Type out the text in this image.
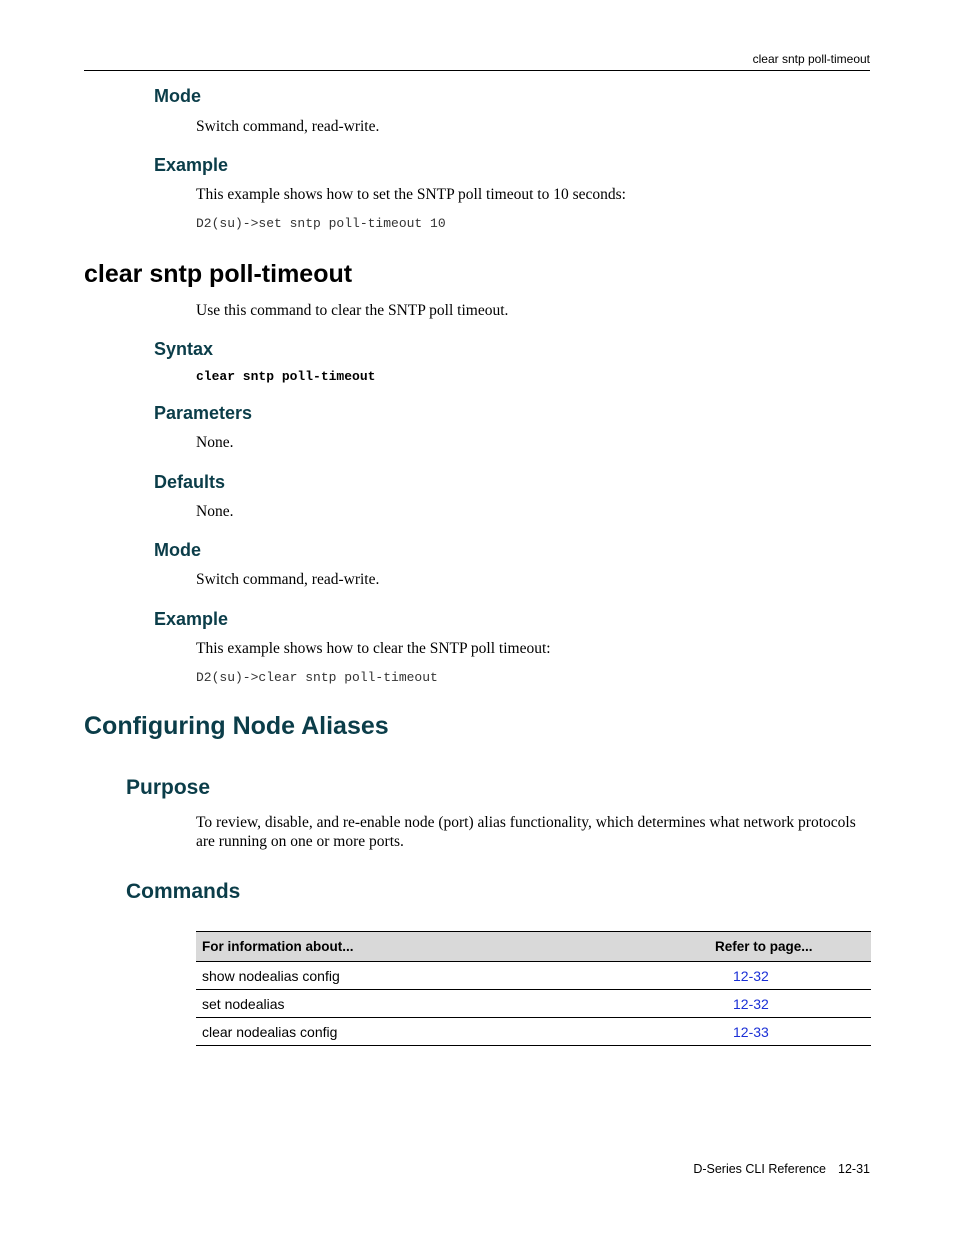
clear sntp poll-timeout
Mode
Switch command, read-write.
Example
This example shows how to set the SNTP poll timeout to 10 seconds:
D2(su)->set sntp poll-timeout 10
clear sntp poll-timeout
Use this command to clear the SNTP poll timeout.
Syntax
clear sntp poll-timeout
Parameters
None.
Defaults
None.
Mode
Switch command, read-write.
Example
This example shows how to clear the SNTP poll timeout:
D2(su)->clear sntp poll-timeout
Configuring Node Aliases
Purpose
To review, disable, and re-enable node (port) alias functionality, which determines what network protocols are running on one or more ports.
Commands
For information about...	Refer to page...
show nodealias config	12-32
set nodealias	12-32
clear nodealias config	12-33
D-Series CLI Reference 12-31
